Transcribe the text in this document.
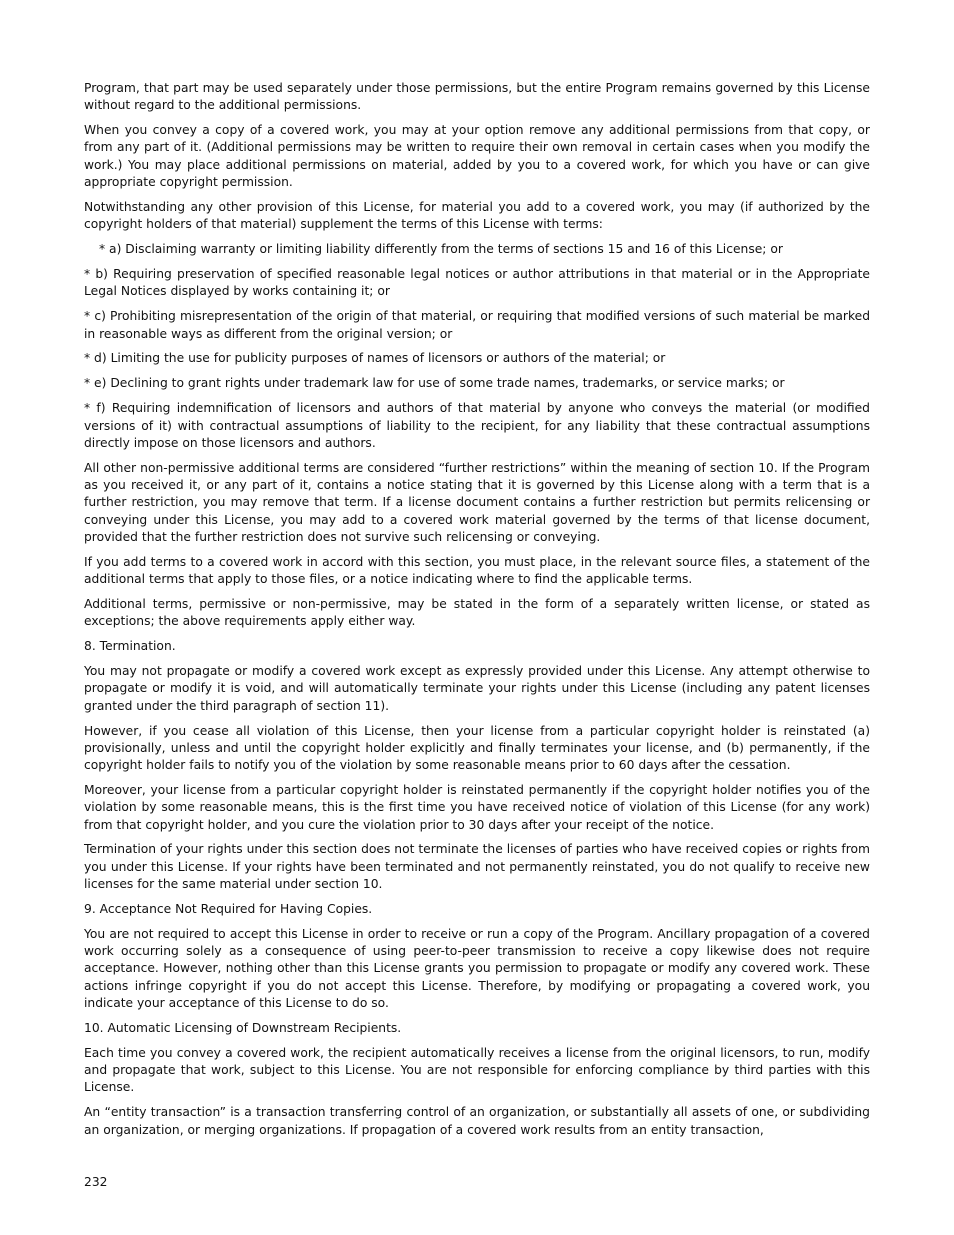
Program, that part may be used separately under those permissions, but the entire Program remains governed by this License without regard to the additional permissions.

When you convey a copy of a covered work, you may at your option remove any additional permissions from that copy, or from any part of it. (Additional permissions may be written to require their own removal in certain cases when you modify the work.) You may place additional permissions on material, added by you to a covered work, for which you have or can give appropriate copyright permission.

Notwithstanding any other provision of this License, for material you add to a covered work, you may (if authorized by the copyright holders of that material) supplement the terms of this License with terms:

* a) Disclaiming warranty or limiting liability differently from the terms of sections 15 and 16 of this License; or

* b) Requiring preservation of specified reasonable legal notices or author attributions in that material or in the Appropriate Legal Notices displayed by works containing it; or

* c) Prohibiting misrepresentation of the origin of that material, or requiring that modified versions of such material be marked in reasonable ways as different from the original version; or

* d) Limiting the use for publicity purposes of names of licensors or authors of the material; or

* e) Declining to grant rights under trademark law for use of some trade names, trademarks, or service marks; or

* f) Requiring indemnification of licensors and authors of that material by anyone who conveys the material (or modified versions of it) with contractual assumptions of liability to the recipient, for any liability that these contractual assumptions directly impose on those licensors and authors.

All other non-permissive additional terms are considered “further restrictions” within the meaning of section 10. If the Program as you received it, or any part of it, contains a notice stating that it is governed by this License along with a term that is a further restriction, you may remove that term. If a license document contains a further restriction but permits relicensing or conveying under this License, you may add to a covered work material governed by the terms of that license document, provided that the further restriction does not survive such relicensing or conveying.

If you add terms to a covered work in accord with this section, you must place, in the relevant source files, a statement of the additional terms that apply to those files, or a notice indicating where to find the applicable terms.

Additional terms, permissive or non-permissive, may be stated in the form of a separately written license, or stated as exceptions; the above requirements apply either way.

8. Termination.

You may not propagate or modify a covered work except as expressly provided under this License. Any attempt otherwise to propagate or modify it is void, and will automatically terminate your rights under this License (including any patent licenses granted under the third paragraph of section 11).

However, if you cease all violation of this License, then your license from a particular copyright holder is reinstated (a) provisionally, unless and until the copyright holder explicitly and finally terminates your license, and (b) permanently, if the copyright holder fails to notify you of the violation by some reasonable means prior to 60 days after the cessation.

Moreover, your license from a particular copyright holder is reinstated permanently if the copyright holder notifies you of the violation by some reasonable means, this is the first time you have received notice of violation of this License (for any work) from that copyright holder, and you cure the violation prior to 30 days after your receipt of the notice.

Termination of your rights under this section does not terminate the licenses of parties who have received copies or rights from you under this License. If your rights have been terminated and not permanently reinstated, you do not qualify to receive new licenses for the same material under section 10.

9. Acceptance Not Required for Having Copies.

You are not required to accept this License in order to receive or run a copy of the Program. Ancillary propagation of a covered work occurring solely as a consequence of using peer-to-peer transmission to receive a copy likewise does not require acceptance. However, nothing other than this License grants you permission to propagate or modify any covered work. These actions infringe copyright if you do not accept this License. Therefore, by modifying or propagating a covered work, you indicate your acceptance of this License to do so.

10. Automatic Licensing of Downstream Recipients.

Each time you convey a covered work, the recipient automatically receives a license from the original licensors, to run, modify and propagate that work, subject to this License. You are not responsible for enforcing compliance by third parties with this License.

An “entity transaction” is a transaction transferring control of an organization, or substantially all assets of one, or subdividing an organization, or merging organizations. If propagation of a covered work results from an entity transaction,

232
